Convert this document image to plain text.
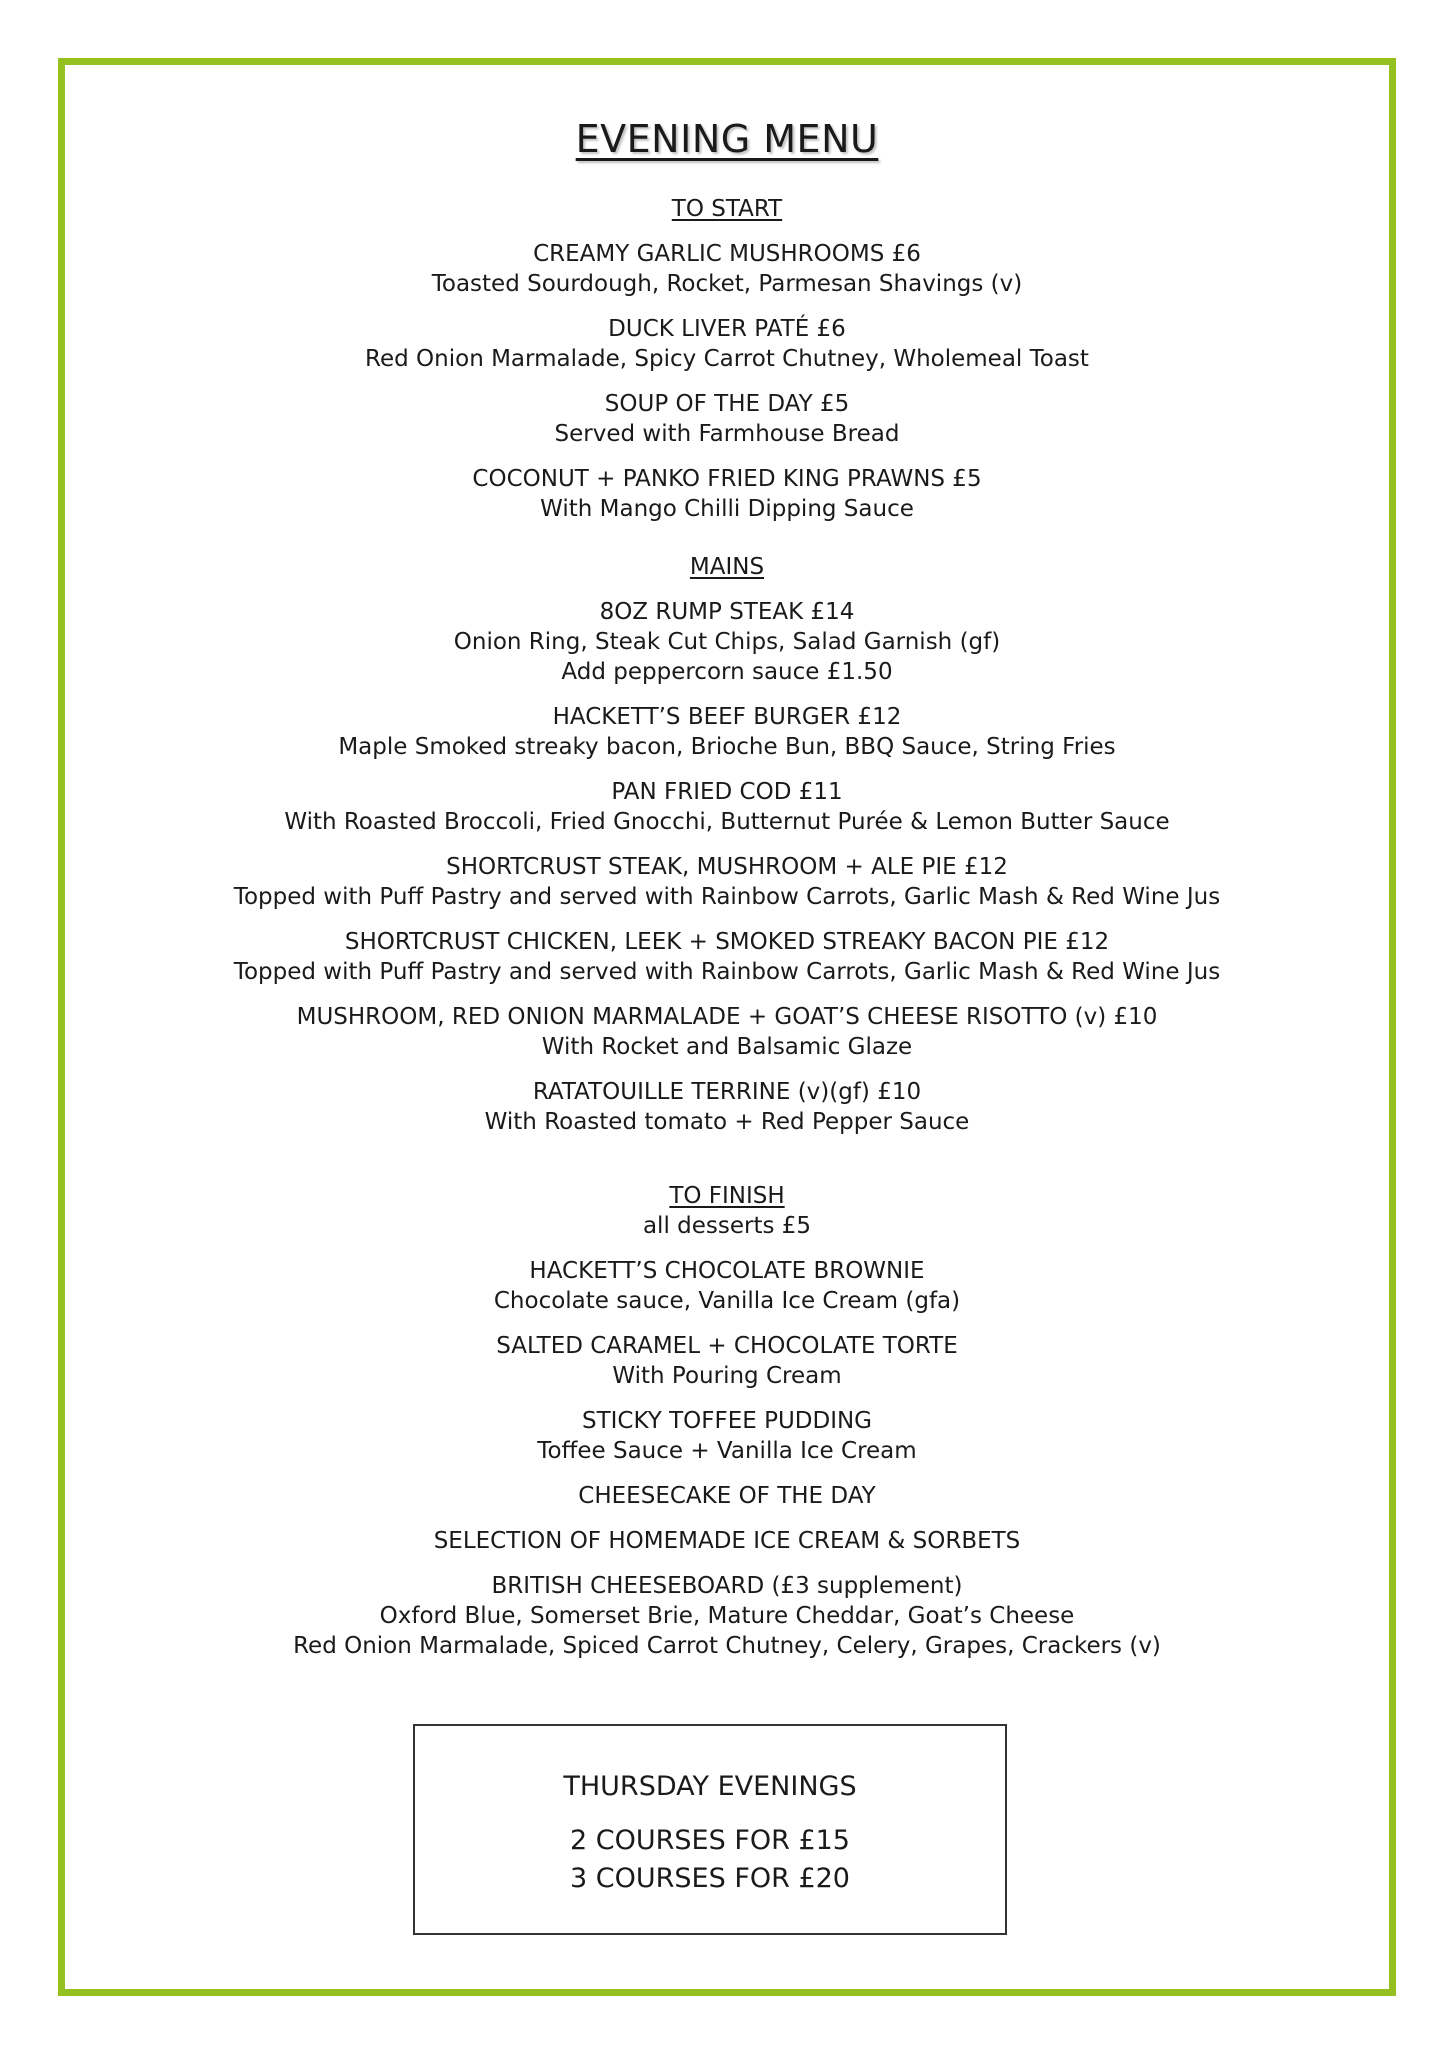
EVENING MENU
TO START
CREAMY GARLIC MUSHROOMS £6
Toasted Sourdough, Rocket, Parmesan Shavings (v)
DUCK LIVER PATÉ £6
Red Onion Marmalade, Spicy Carrot Chutney, Wholemeal Toast
SOUP OF THE DAY £5
Served with Farmhouse Bread
COCONUT + PANKO FRIED KING PRAWNS £5
With Mango Chilli Dipping Sauce
MAINS
8OZ RUMP STEAK £14
Onion Ring, Steak Cut Chips, Salad Garnish (gf)
Add peppercorn sauce £1.50
HACKETT’S BEEF BURGER £12
Maple Smoked streaky bacon, Brioche Bun, BBQ Sauce, String Fries
PAN FRIED COD £11
With Roasted Broccoli, Fried Gnocchi, Butternut Purée & Lemon Butter Sauce
SHORTCRUST STEAK, MUSHROOM + ALE PIE £12
Topped with Puff Pastry and served with Rainbow Carrots, Garlic Mash & Red Wine Jus
SHORTCRUST CHICKEN, LEEK + SMOKED STREAKY BACON PIE £12
Topped with Puff Pastry and served with Rainbow Carrots, Garlic Mash & Red Wine Jus
MUSHROOM, RED ONION MARMALADE + GOAT’S CHEESE RISOTTO (v) £10
With Rocket and Balsamic Glaze
RATATOUILLE TERRINE (v)(gf) £10
With Roasted tomato + Red Pepper Sauce
TO FINISH
all desserts £5
HACKETT’S CHOCOLATE BROWNIE
Chocolate sauce, Vanilla Ice Cream (gfa)
SALTED CARAMEL + CHOCOLATE TORTE
With Pouring Cream
STICKY TOFFEE PUDDING
Toffee Sauce + Vanilla Ice Cream
CHEESECAKE OF THE DAY
SELECTION OF HOMEMADE ICE CREAM & SORBETS
BRITISH CHEESEBOARD (£3 supplement)
Oxford Blue, Somerset Brie, Mature Cheddar, Goat’s Cheese
Red Onion Marmalade, Spiced Carrot Chutney, Celery, Grapes, Crackers (v)
THURSDAY EVENINGS
2 COURSES FOR £15
3 COURSES FOR £20
